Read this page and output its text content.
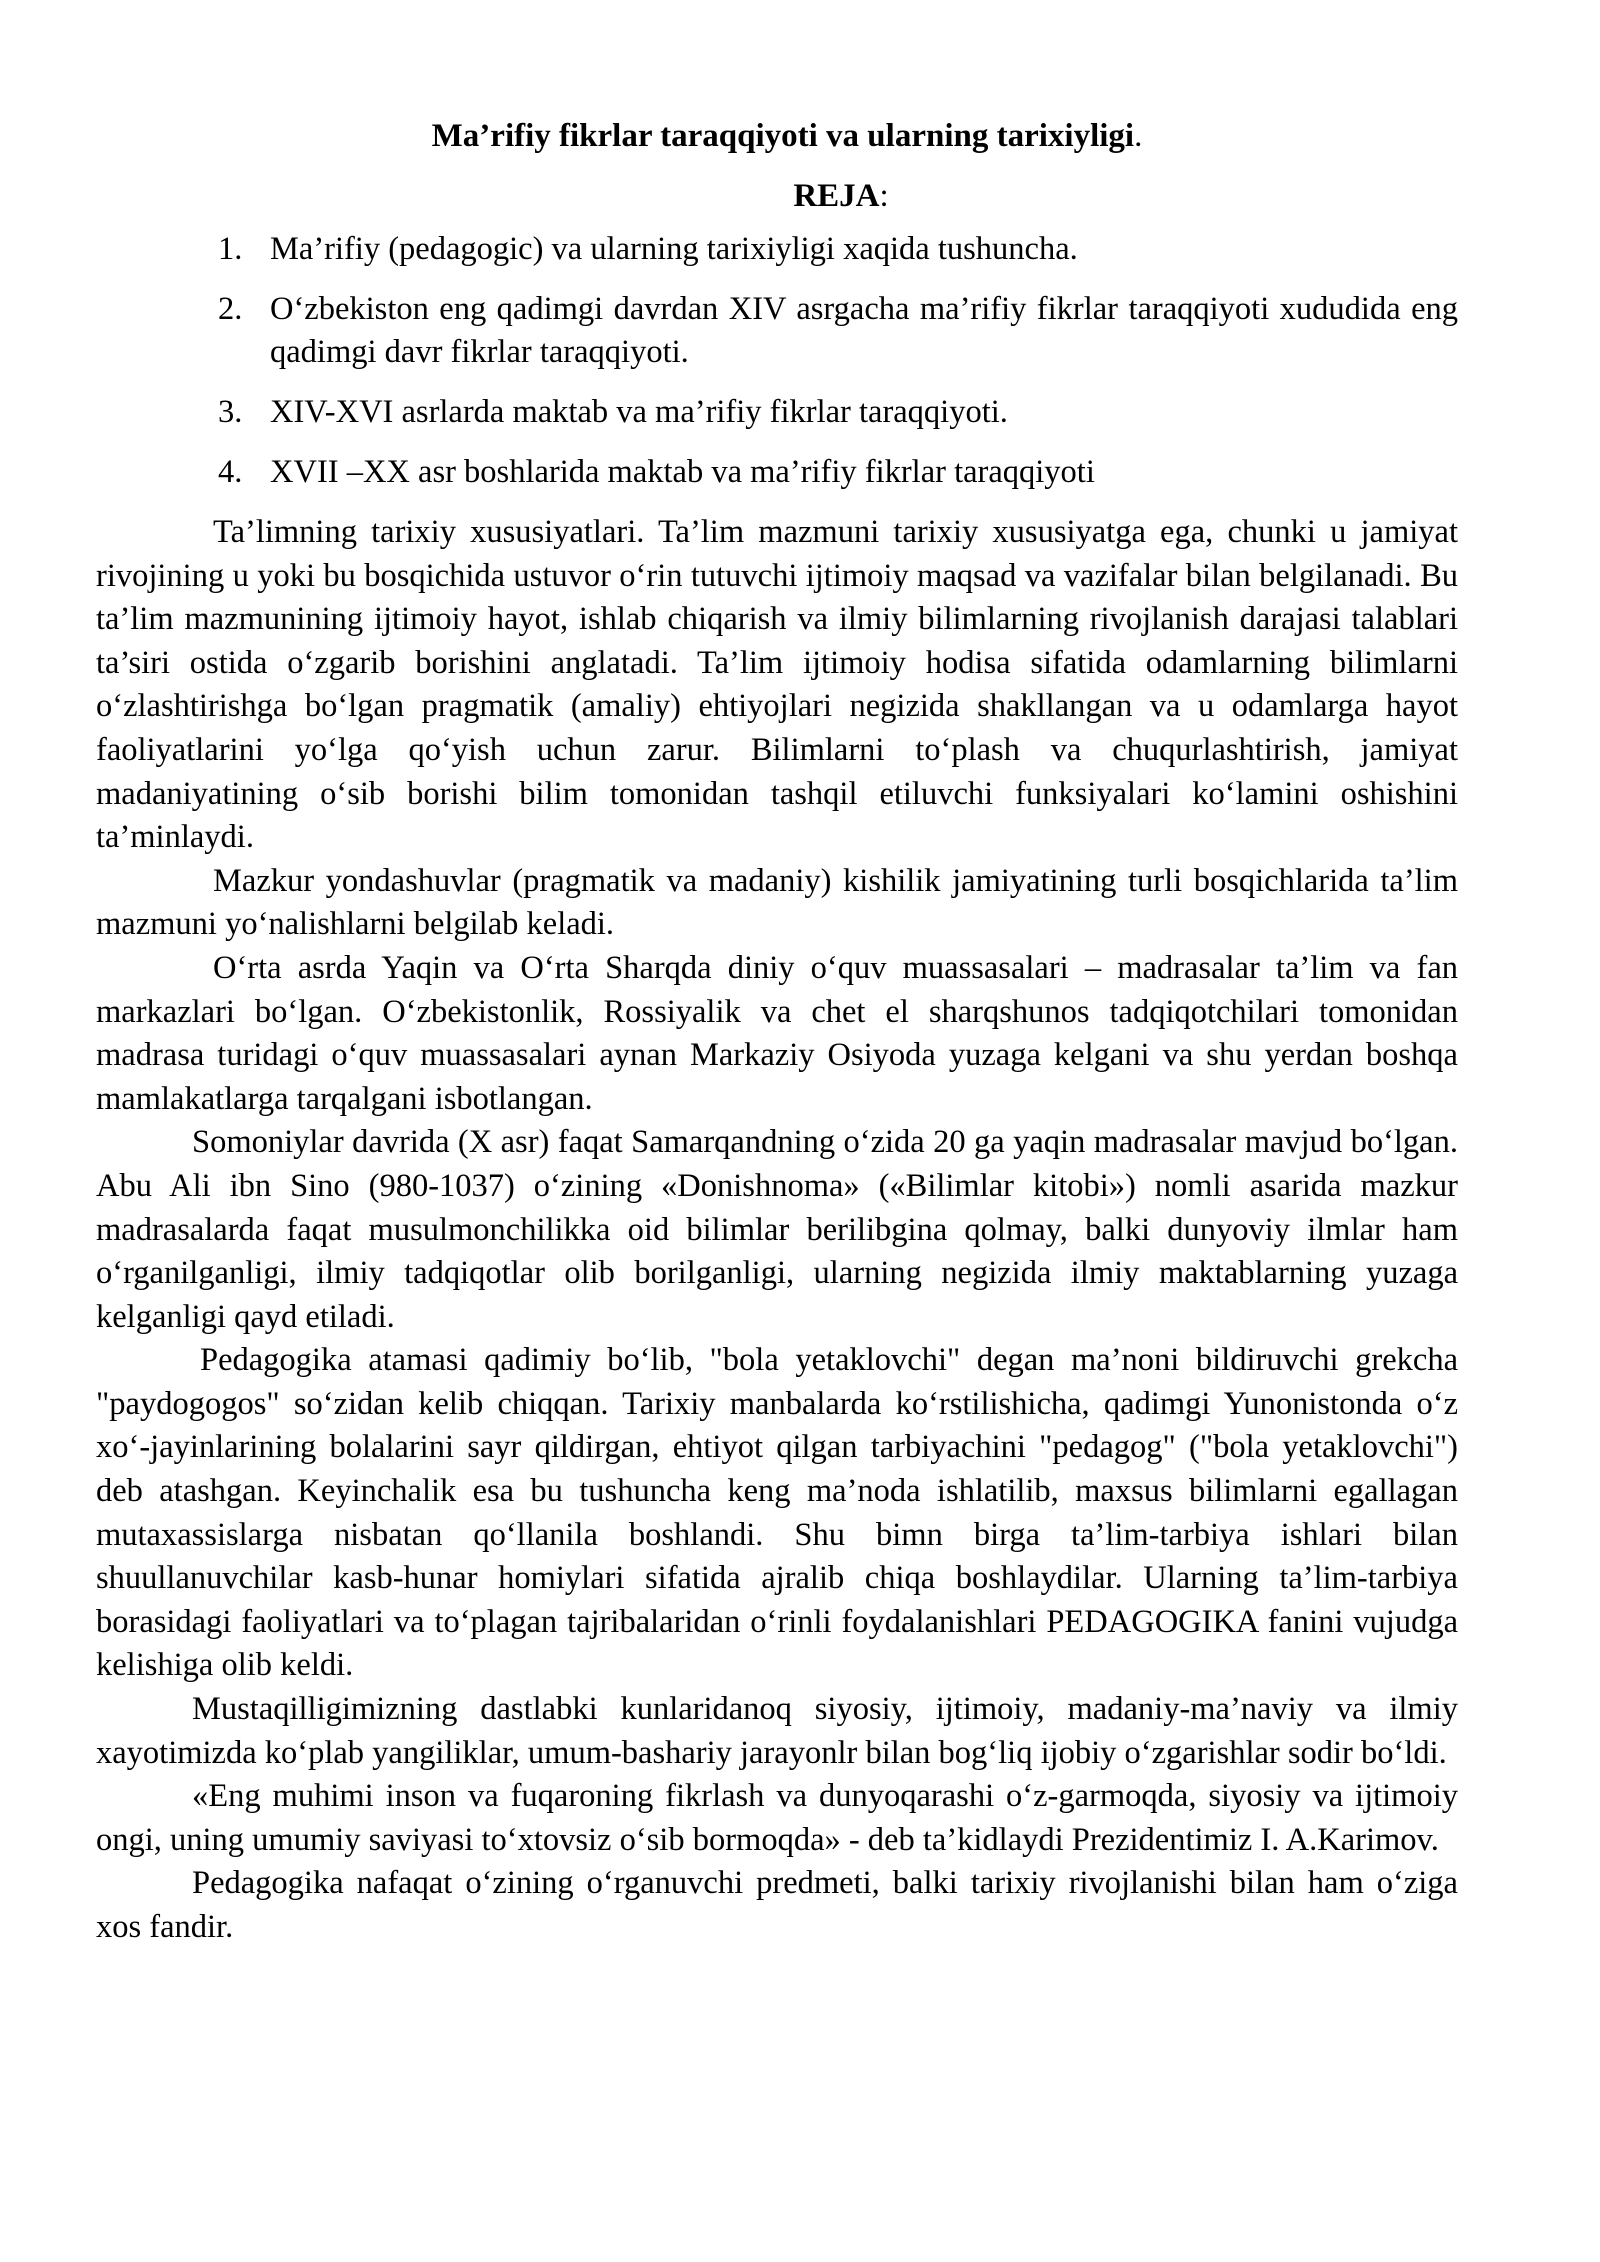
Ma’rifiy fikrlar taraqqiyoti va ularning tarixiyligi.
REJA:
1. Ma’rifiy (pedagogic) va ularning tarixiyligi xaqida tushuncha.
2. O‘zbekiston eng qadimgi davrdan XIV asrgacha ma’rifiy fikrlar taraqqiyoti xududida eng qadimgi davr fikrlar taraqqiyoti.
3. XIV-XVI asrlarda maktab va ma’rifiy fikrlar taraqqiyoti.
4. XVII –XX asr boshlarida maktab va ma’rifiy fikrlar taraqqiyoti

Ta’limning tarixiy xususiyatlari. Ta’lim mazmuni tarixiy xususiyatga ega, chunki u jamiyat rivojining u yoki bu bosqichida ustuvor o‘rin tutuvchi ijtimoiy maqsad va vazifalar bilan belgilanadi. Bu ta’lim mazmunining ijtimoiy hayot, ishlab chiqarish va ilmiy bilimlarning rivojlanish darajasi talablari ta’siri ostida o‘zgarib borishini anglatadi. Ta’lim ijtimoiy hodisa sifatida odamlarning bilimlarni o‘zlashtirishga bo‘lgan pragmatik (amaliy) ehtiyojlari negizida shakllangan va u odamlarga hayot faoliyatlarini yo‘lga qo‘yish uchun zarur. Bilimlarni to‘plash va chuqurlashtirish, jamiyat madaniyatining o‘sib borishi bilim tomonidan tashqil etiluvchi funksiyalari ko‘lamini oshishini ta’minlaydi.

Mazkur yondashuvlar (pragmatik va madaniy) kishilik jamiyatining turli bosqichlarida ta’lim mazmuni yo‘nalishlarni belgilab keladi.

O‘rta asrda Yaqin va O‘rta Sharqda diniy o‘quv muassasalari – madrasalar ta’lim va fan markazlari bo‘lgan. O‘zbekistonlik, Rossiyalik va chet el sharqshunos tadqiqotchilari tomonidan madrasa turidagi o‘quv muassasalari aynan Markaziy Osiyoda yuzaga kelgani va shu yerdan boshqa mamlakatlarga tarqalgani isbotlangan.

Somoniylar davrida (X asr) faqat Samarqandning o‘zida 20 ga yaqin madrasalar mavjud bo‘lgan. Abu Ali ibn Sino (980-1037) o‘zining «Donishnoma» («Bilimlar kitobi») nomli asarida mazkur madrasalarda faqat musulmonchilikka oid bilimlar berilibgina qolmay, balki dunyoviy ilmlar ham o‘rganilganligi, ilmiy tadqiqotlar olib borilganligi, ularning negizida ilmiy maktablarning yuzaga kelganligi qayd etiladi.

Pedagogika atamasi qadimiy bo‘lib, "bola yetaklovchi" degan ma’noni bildiruvchi grekcha "paydogogos" so‘zidan kelib chiqqan. Tarixiy manbalarda ko‘rstilishicha, qadimgi Yunonistonda o‘z xo‘-jayinlarining bolalarini sayr qildirgan, ehtiyot qilgan tarbiyachini "pedagog" ("bola yetaklovchi") deb atashgan. Keyinchalik esa bu tushuncha keng ma’noda ishlatilib, maxsus bilimlarni egallagan mutaxassislarga nisbatan qo‘llanila boshlandi. Shu bimn birga ta’lim-tarbiya ishlari bilan shuullanuvchilar kasb-hunar homiylari sifatida ajralib chiqa boshlaydilar. Ularning ta’lim-tarbiya borasidagi faoliyatlari va to‘plagan tajribalaridan o‘rinli foydalanishlari PEDAGOGIKA fanini vujudga kelishiga olib keldi.

Mustaqilligimizning dastlabki kunlaridanoq siyosiy, ijtimoiy, madaniy-ma’naviy va ilmiy xayotimizda ko‘plab yangiliklar, umum-bashariy jarayonlr bilan bog‘liq ijobiy o‘zgarishlar sodir bo‘ldi.

«Eng muhimi inson va fuqaroning fikrlash va dunyoqarashi o‘z-garmoqda, siyosiy va ijtimoiy ongi, uning umumiy saviyasi to‘xtovsiz o‘sib bormoqda» - deb ta’kidlaydi Prezidentimiz I. A.Karimov.

Pedagogika nafaqat o‘zining o‘rganuvchi predmeti, balki tarixiy rivojlanishi bilan ham o‘ziga xos fandir.
